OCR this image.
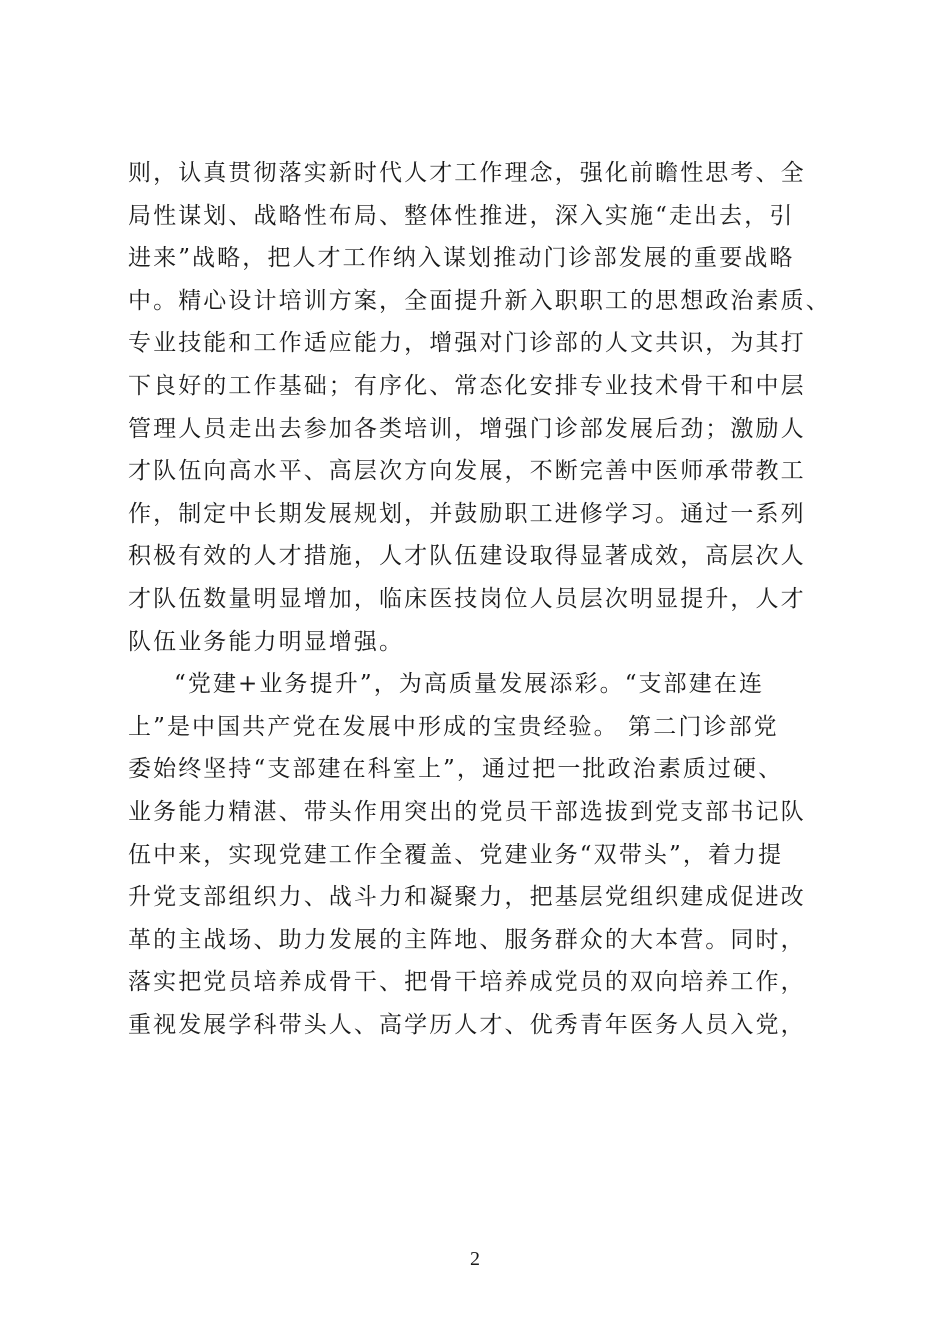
则，认真贯彻落实新时代人才工作理念，强化前瞻性思考、全
局性谋划、战略性布局、整体性推进，深入实施“走出去，引
进来”战略，把人才工作纳入谋划推动门诊部发展的重要战略
中。精心设计培训方案，全面提升新入职职工的思想政治素质、
专业技能和工作适应能力，增强对门诊部的人文共识，为其打
下良好的工作基础；有序化、常态化安排专业技术骨干和中层
管理人员走出去参加各类培训，增强门诊部发展后劲；激励人
才队伍向高水平、高层次方向发展，不断完善中医师承带教工
作，制定中长期发展规划，并鼓励职工进修学习。通过一系列
积极有效的人才措施，人才队伍建设取得显著成效，高层次人
才队伍数量明显增加，临床医技岗位人员层次明显提升，人才
队伍业务能力明显增强。
“党建+业务提升”，为高质量发展添彩。“支部建在连
上”是中国共产党在发展中形成的宝贵经验。 第二门诊部党
委始终坚持“支部建在科室上”，通过把一批政治素质过硬、
业务能力精湛、带头作用突出的党员干部选拔到党支部书记队
伍中来，实现党建工作全覆盖、党建业务“双带头”，着力提
升党支部组织力、战斗力和凝聚力，把基层党组织建成促进改
革的主战场、助力发展的主阵地、服务群众的大本营。同时，
落实把党员培养成骨干、把骨干培养成党员的双向培养工作，
重视发展学科带头人、高学历人才、优秀青年医务人员入党，
2
